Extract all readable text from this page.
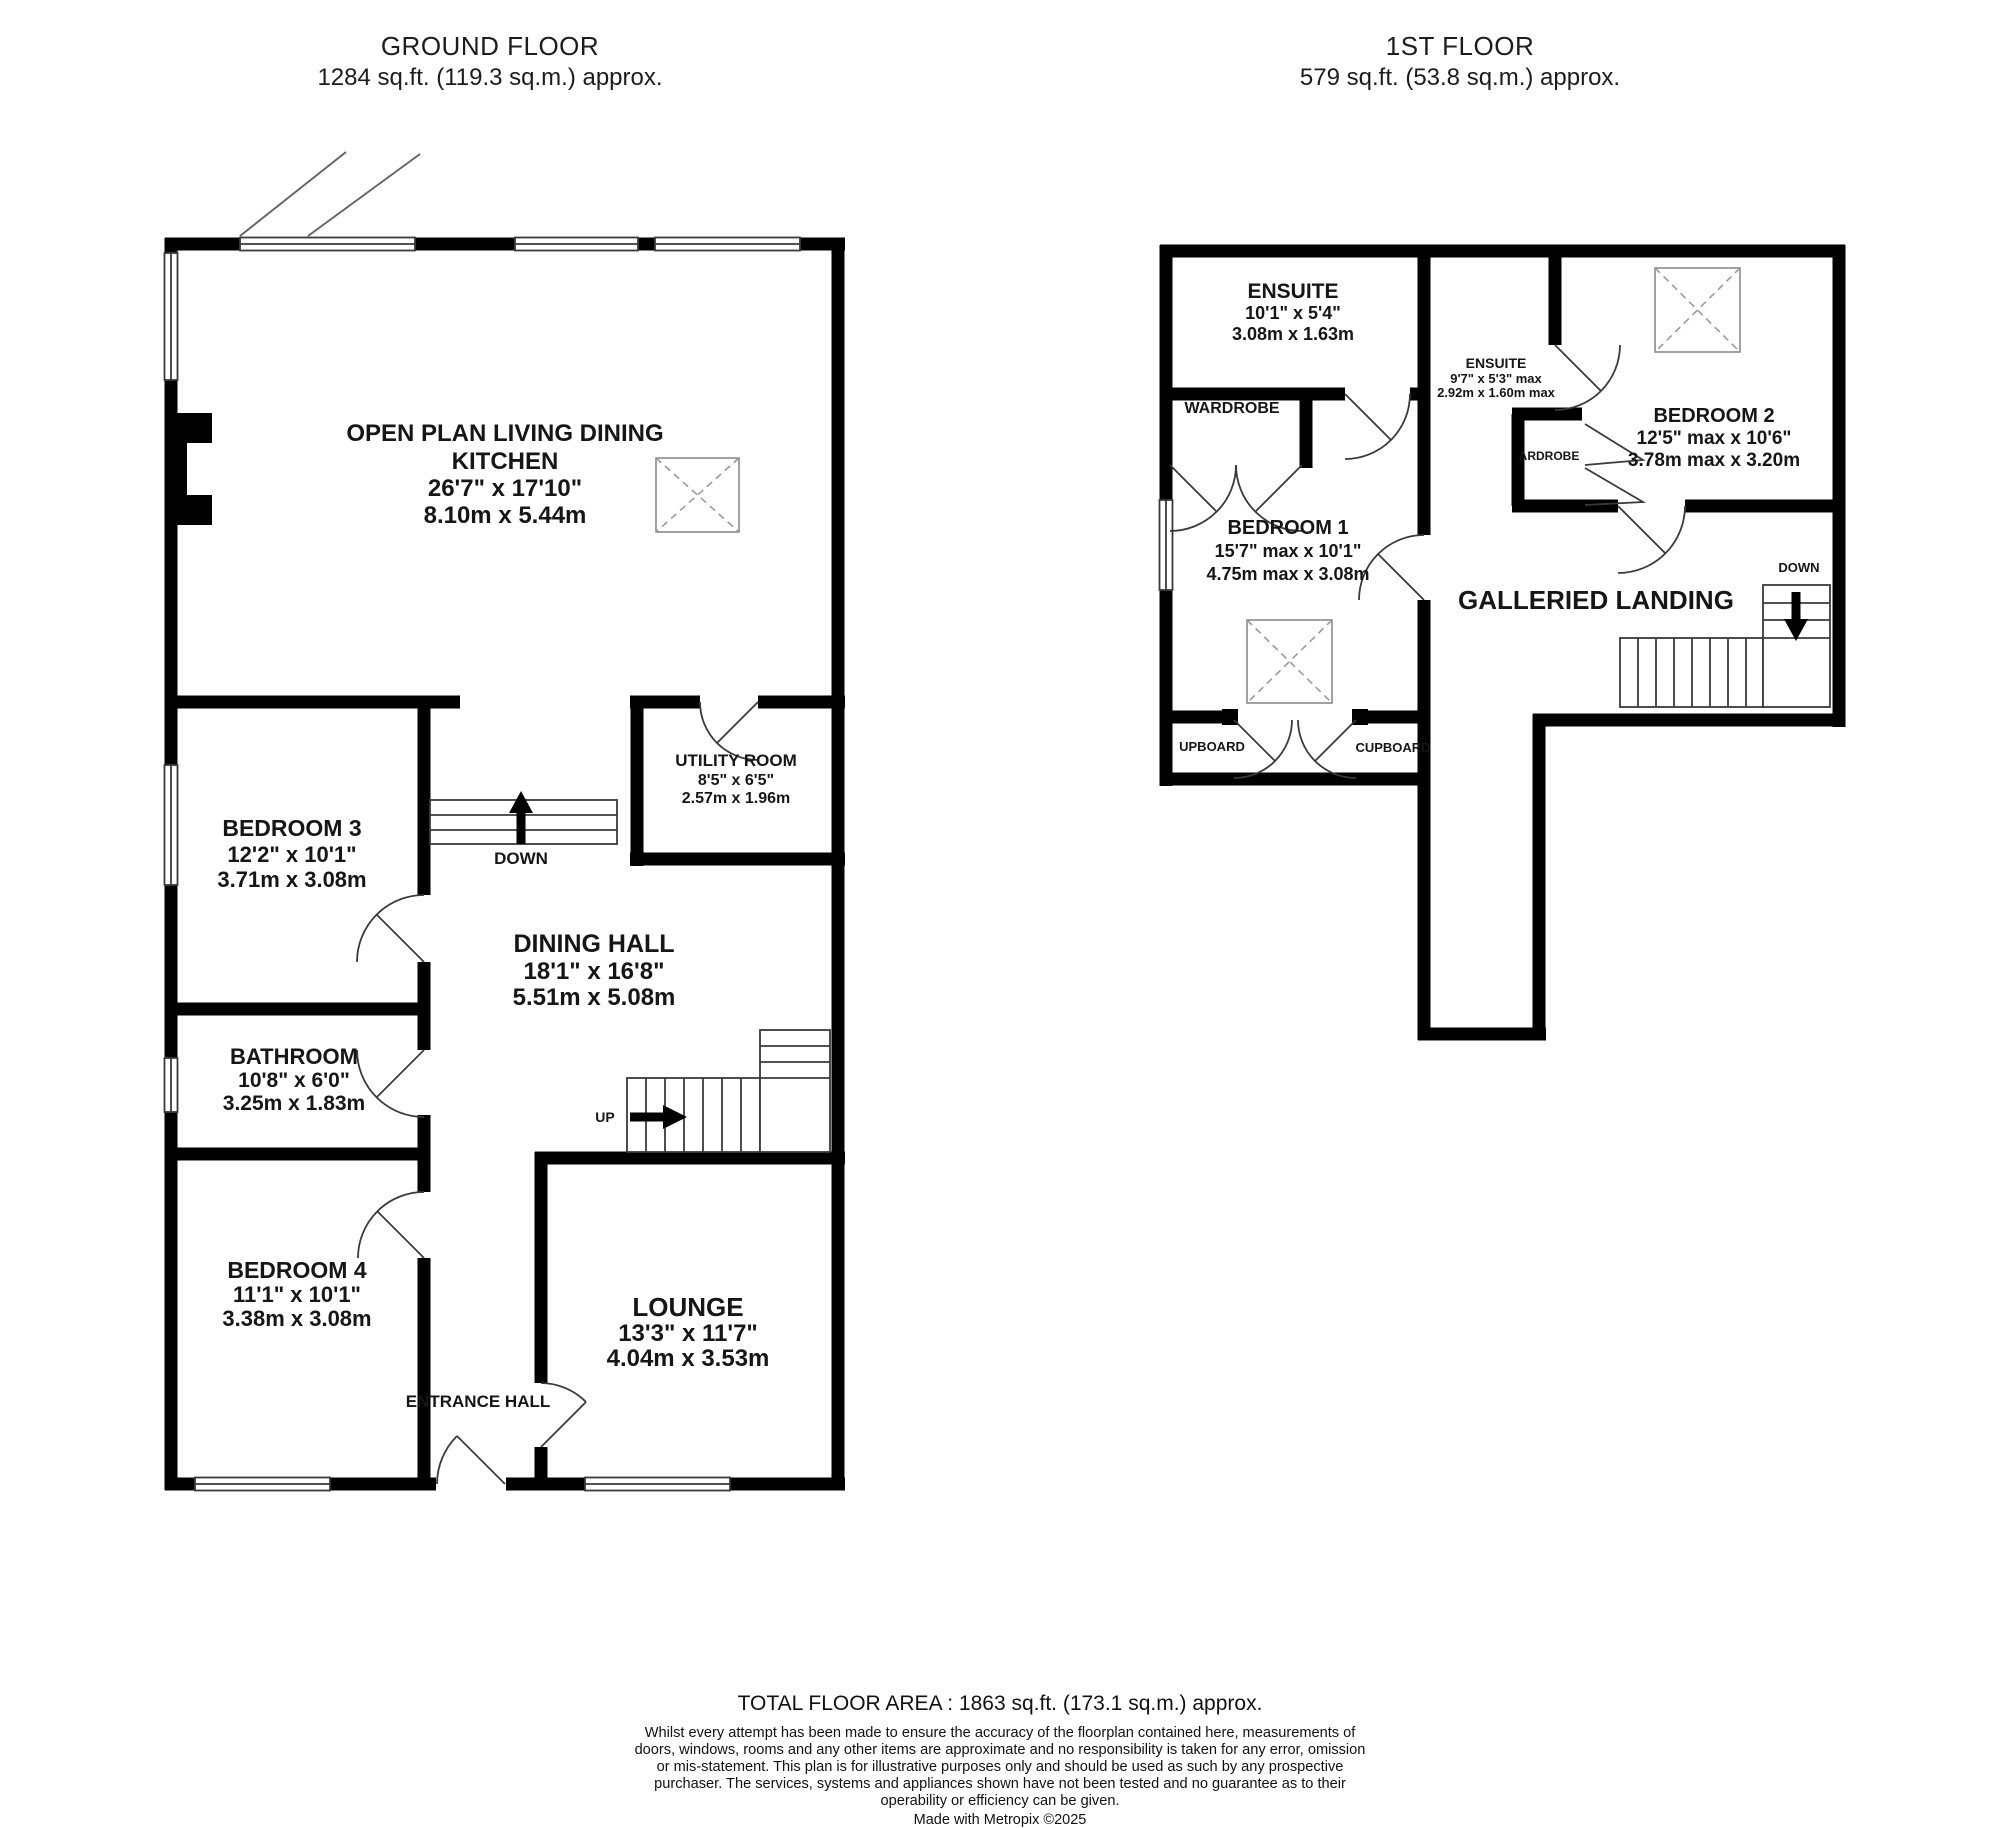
GROUND FLOOR
1284 sq.ft. (119.3 sq.m.) approx.
1ST FLOOR
579 sq.ft. (53.8 sq.m.) approx.
OPEN PLAN LIVING DINING
KITCHEN
26'7" x 17'10"
8.10m x 5.44m
BEDROOM 3
12'2" x 10'1"
3.71m x 3.08m
UTILITY ROOM
8'5" x 6'5"
2.57m x 1.96m
DINING HALL
18'1" x 16'8"
5.51m x 5.08m
BATHROOM
10'8" x 6'0"
3.25m x 1.83m
BEDROOM 4
11'1" x 10'1"
3.38m x 3.08m	LOUNGE
13'3" x 11'7"
4.04m x 3.53m
ENTRANCE HALL
DOWN
UP
ENSUITE
10'1" x 5'4"
3.08m x 1.63m
WARDROBE
BEDROOM 1
15'7" max x 10'1"
4.75m max x 3.08m
ENSUITE
9'7" x 5'3" max
2.92m x 1.60m max
ARDROBE
BEDROOM 2
12'5" max x 10'6"
3.78m max x 3.20m
GALLERIED LANDING
UPBOARD	CUPBOARD
DOWN
TOTAL FLOOR AREA : 1863 sq.ft. (173.1 sq.m.) approx.
Whilst every attempt has been made to ensure the accuracy of the floorplan contained here, measurements of doors, windows, rooms and any other items are approximate and no responsibility is taken for any error, omission or mis-statement. This plan is for illustrative purposes only and should be used as such by any prospective purchaser. The services, systems and appliances shown have not been tested and no guarantee as to their operability or efficiency can be given.
Made with Metropix ©2025
